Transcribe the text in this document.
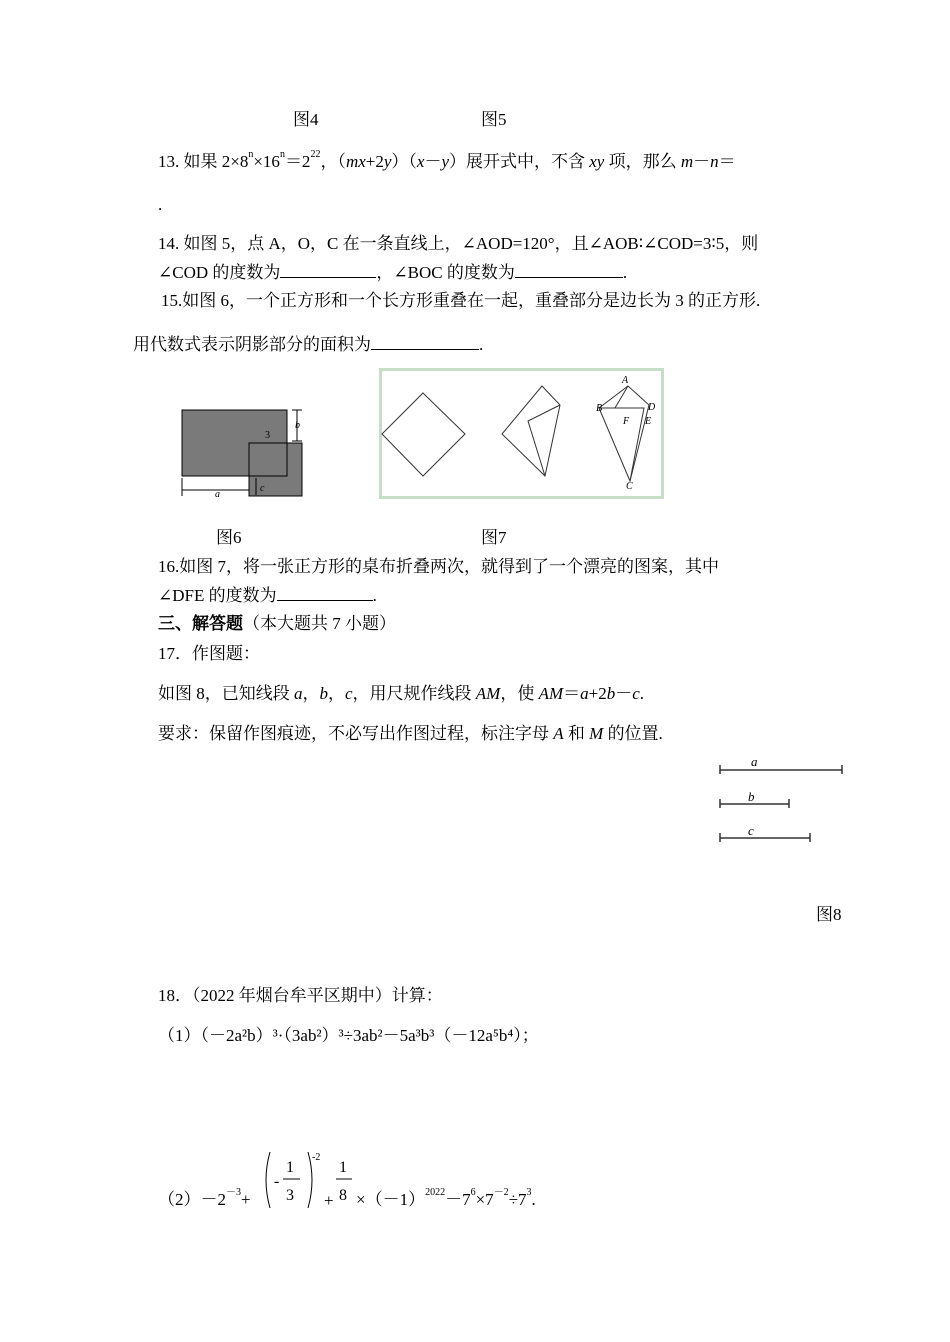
图4	图5
13. 如果 $2\times 8^n\times 16^n=2^{22}$，（mx+2y）（x－y）展开式中，不含 xy 项，那么 m－n＝
.
14. 如图 5，点 A，O，C 在一条直线上，∠AOD=120°，且∠AOB∶∠COD=3∶5，则
∠COD 的度数为	，∠BOC 的度数为	.
15.如图 6，一个正方形和一个长方形重叠在一起，重叠部分是边长为 3 的正方形.
用代数式表示阴影部分的面积为	.
b
3
a
c
A
B	D
F E
C
图6	图7
16.如图 7，将一张正方形的桌布折叠两次，就得到了一个漂亮的图案，其中
∠DFE 的度数为	.
三、解答题（本大题共 7 小题）
17．作图题：
如图 8，已知线段 a，b，c，用尺规作线段 AM，使 AM＝a+2b－c.
要求：保留作图痕迹，不必写出作图过程，标注字母 A 和 M 的位置.
a
b
c
图8
18．（2022 年烟台牟平区期中）计算：
（1）（－2a²b）³·（3ab²）³÷3ab²－5a³b³（－12a⁵b⁴）；
$(2)-2^{-3}+$
-
1
3
-2
+
1
$8 \times(-1)^{2022}-7^6\times 7^{-2}\div 7^3$.
